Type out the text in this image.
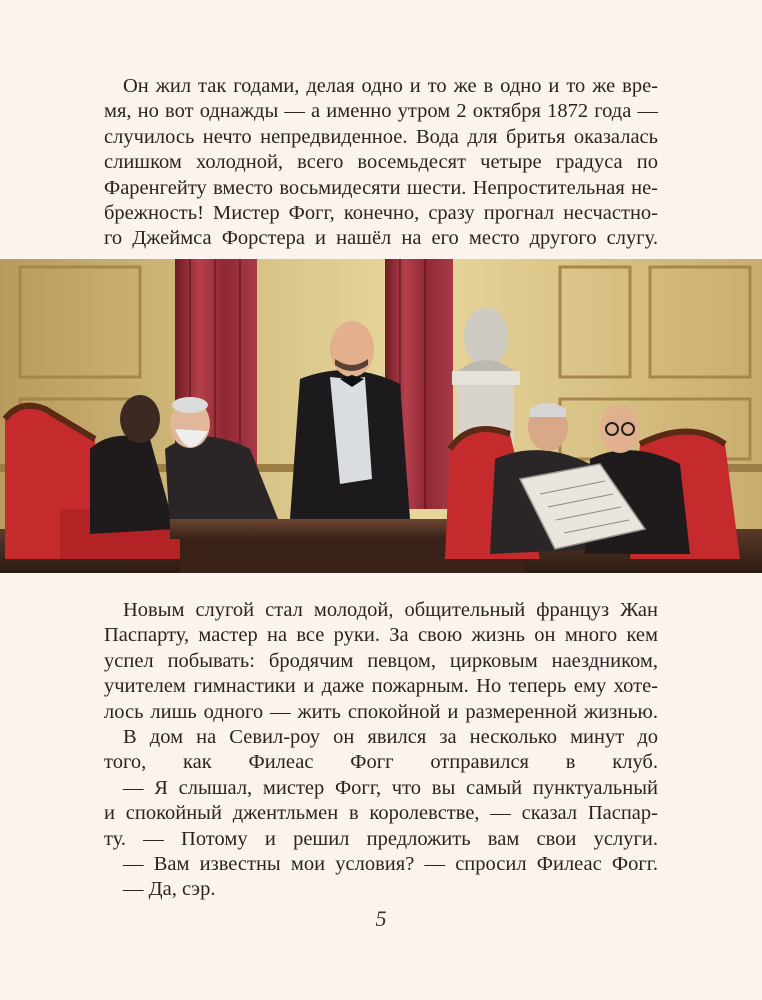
Он жил так годами, делая одно и то же в одно и то же вре-
мя, но вот однажды — а именно утром 2 октября 1872 года —
случилось нечто непредвиденное. Вода для бритья оказалась
слишком холодной, всего восемьдесят четыре градуса по
Фаренгейту вместо восьмидесяти шести. Непростительная не-
брежность! Мистер Фогг, конечно, сразу прогнал несчастно-
го Джеймса Форстера и нашёл на его место другого слугу.
Новым слугой стал молодой, общительный француз Жан
Паспарту, мастер на все руки. За свою жизнь он много кем
успел побывать: бродячим певцом, цирковым наездником,
учителем гимнастики и даже пожарным. Но теперь ему хоте-
лось лишь одного — жить спокойной и размеренной жизнью.
В дом на Севил-роу он явился за несколько минут до
того, как Филеас Фогг отправился в клуб.
— Я слышал, мистер Фогг, что вы самый пунктуальный
и спокойный джентльмен в королевстве, — сказал Паспар-
ту. — Потому и решил предложить вам свои услуги.
— Вам известны мои условия? — спросил Филеас Фогг.
— Да, сэр.
5
